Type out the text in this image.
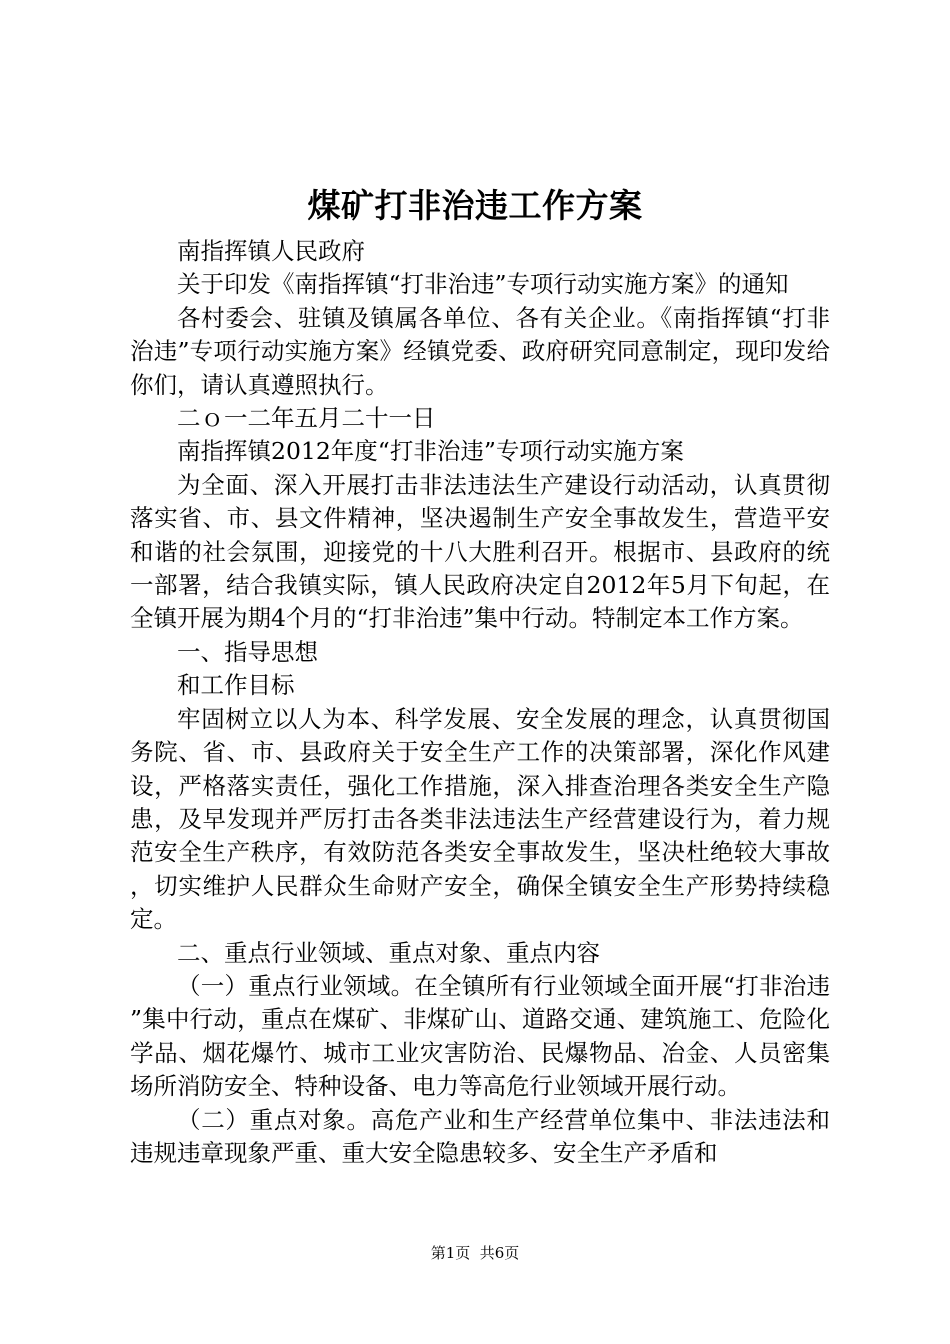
煤矿打非治违工作方案

南指挥镇人民政府

关于印发《南指挥镇“打非治违”专项行动实施方案》的通知

各村委会、驻镇及镇属各单位、各有关企业。《南指挥镇“打非治违”专项行动实施方案》经镇党委、政府研究同意制定，现印发给你们，请认真遵照执行。

二ｏ一二年五月二十一日

南指挥镇2012年度“打非治违”专项行动实施方案

为全面、深入开展打击非法违法生产建设行动活动，认真贯彻落实省、市、县文件精神，坚决遏制生产安全事故发生，营造平安和谐的社会氛围，迎接党的十八大胜利召开。根据市、县政府的统一部署，结合我镇实际，镇人民政府决定自2012年5月下旬起，在全镇开展为期4个月的“打非治违”集中行动。特制定本工作方案。

一、指导思想

和工作目标

牢固树立以人为本、科学发展、安全发展的理念，认真贯彻国务院、省、市、县政府关于安全生产工作的决策部署，深化作风建设，严格落实责任，强化工作措施，深入排查治理各类安全生产隐患，及早发现并严厉打击各类非法违法生产经营建设行为，着力规范安全生产秩序，有效防范各类安全事故发生，坚决杜绝较大事故，切实维护人民群众生命财产安全，确保全镇安全生产形势持续稳定。

二、重点行业领域、重点对象、重点内容

（一）重点行业领域。在全镇所有行业领域全面开展“打非治违”集中行动，重点在煤矿、非煤矿山、道路交通、建筑施工、危险化学品、烟花爆竹、城市工业灾害防治、民爆物品、冶金、人员密集场所消防安全、特种设备、电力等高危行业领域开展行动。

（二）重点对象。高危产业和生产经营单位集中、非法违法和违规违章现象严重、重大安全隐患较多、安全生产矛盾和

第1页  共6页
